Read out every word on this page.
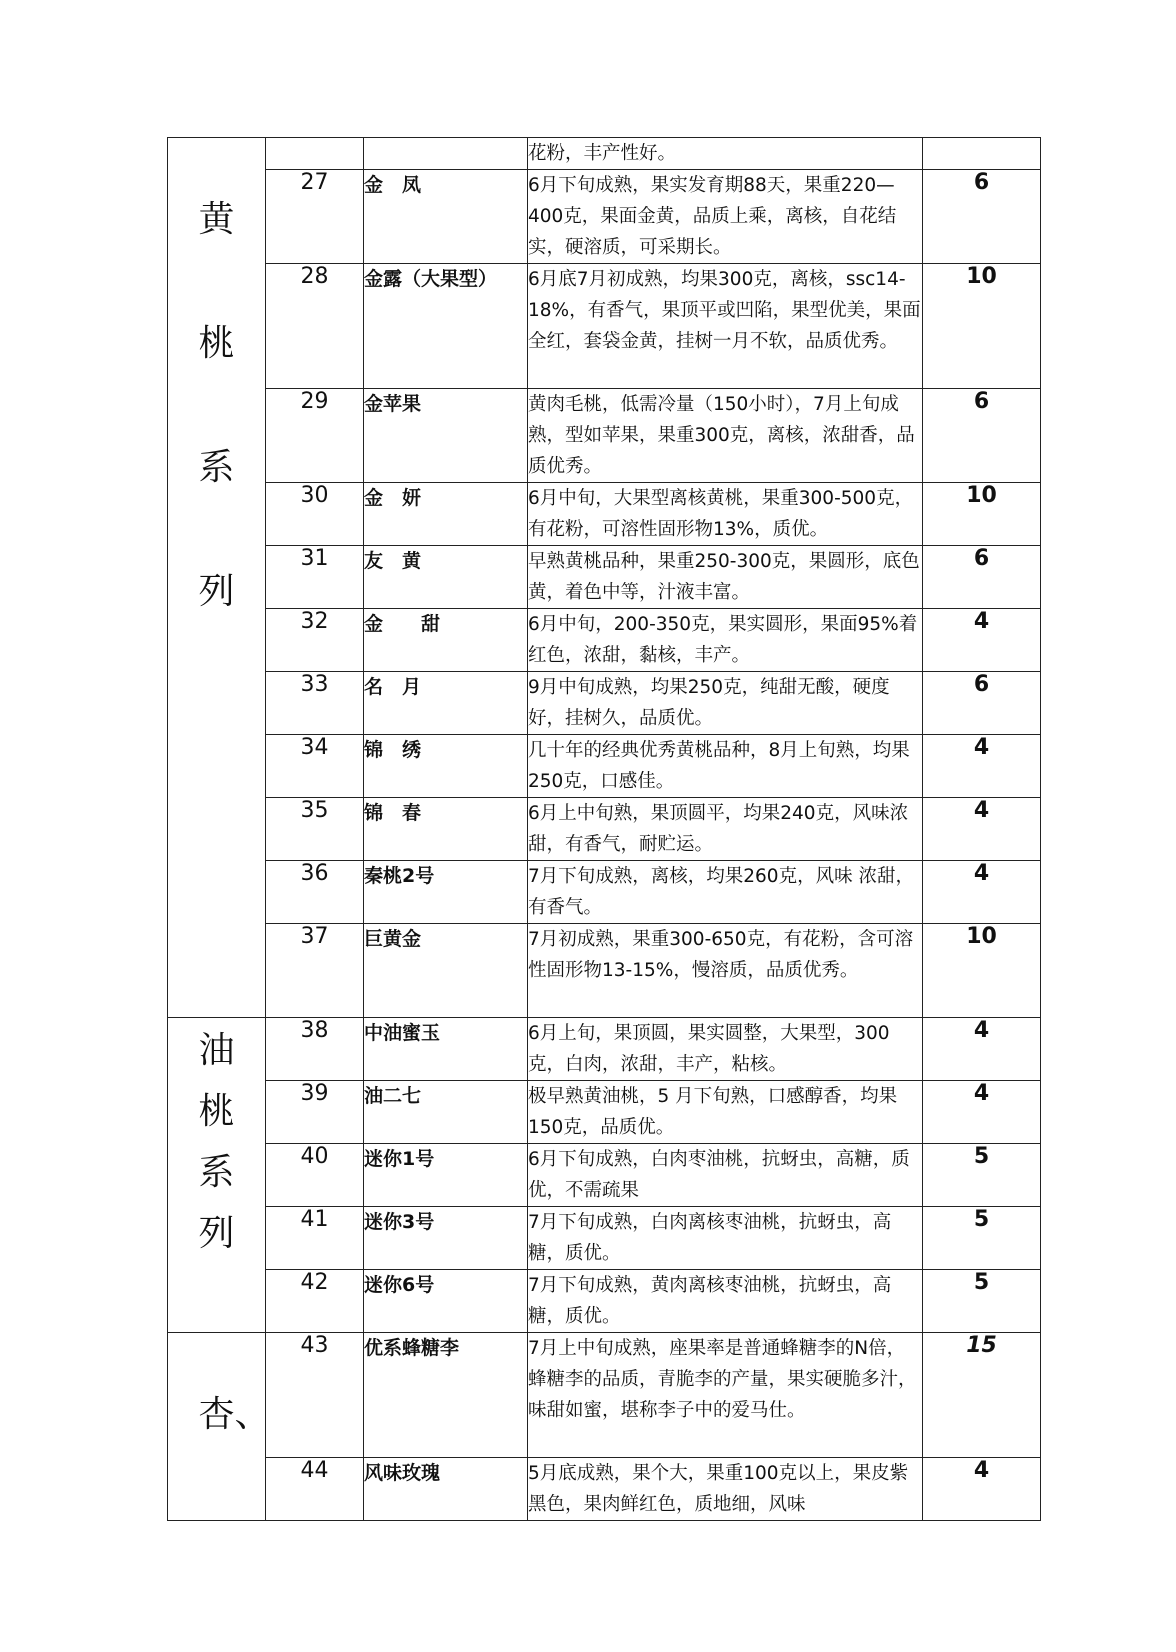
黄桃系列			花粉，丰产性好。	
	27	金　凤	6月下旬成熟，果实发育期88天，果重220—400克，果面金黄，品质上乘，离核，自花结实，硬溶质，可采期长。	6
	28	金露（大果型）	6月底7月初成熟，均果300克，离核，ssc14-18%，有香气，果顶平或凹陷，果型优美，果面全红，套袋金黄，挂树一月不软，品质优秀。	10
	29	金苹果	黄肉毛桃，低需冷量（150小时），7月上旬成熟，型如苹果，果重300克，离核，浓甜香，品质优秀。	6
	30	金　妍	6月中旬，大果型离核黄桃，果重300-500克，有花粉，可溶性固形物13%，质优。	10
	31	友　黄	早熟黄桃品种，果重250-300克，果圆形，底色黄，着色中等，汁液丰富。	6
	32	金　　甜	6月中旬，200-350克，果实圆形，果面95%着红色，浓甜，黏核，丰产。	4
	33	名　月	9月中旬成熟，均果250克，纯甜无酸，硬度好，挂树久，品质优。	6
	34	锦　绣	几十年的经典优秀黄桃品种，8月上旬熟，均果250克，口感佳。	4
	35	锦　春	6月上中旬熟，果顶圆平，均果240克，风味浓甜，有香气，耐贮运。	4
	36	秦桃2号	7月下旬成熟，离核，均果260克，风味 浓甜，有香气。	4
	37	巨黄金	7月初成熟，果重300-650克，有花粉，含可溶性固形物13-15%，慢溶质，品质优秀。	10

油桃系列	38	中油蜜玉	6月上旬，果顶圆，果实圆整，大果型，300克，白肉，浓甜，丰产，粘核。	4
	39	油二七	极早熟黄油桃，5 月下旬熟，口感醇香，均果150克，品质优。	4
	40	迷你1号	6月下旬成熟，白肉枣油桃，抗蚜虫，高糖，质优，不需疏果	5
	41	迷你3号	7月下旬成熟，白肉离核枣油桃，抗蚜虫，高糖，质优。	5
	42	迷你6号	7月下旬成熟，黄肉离核枣油桃，抗蚜虫，高糖，质优。	5

杏、	43	优系蜂糖李	7月上中旬成熟，座果率是普通蜂糖李的N倍，蜂糖李的品质，青脆李的产量，果实硬脆多汁，味甜如蜜，堪称李子中的爱马仕。	15
	44	风味玫瑰	5月底成熟，果个大，果重100克以上，果皮紫黑色，果肉鲜红色，质地细，风味	4
